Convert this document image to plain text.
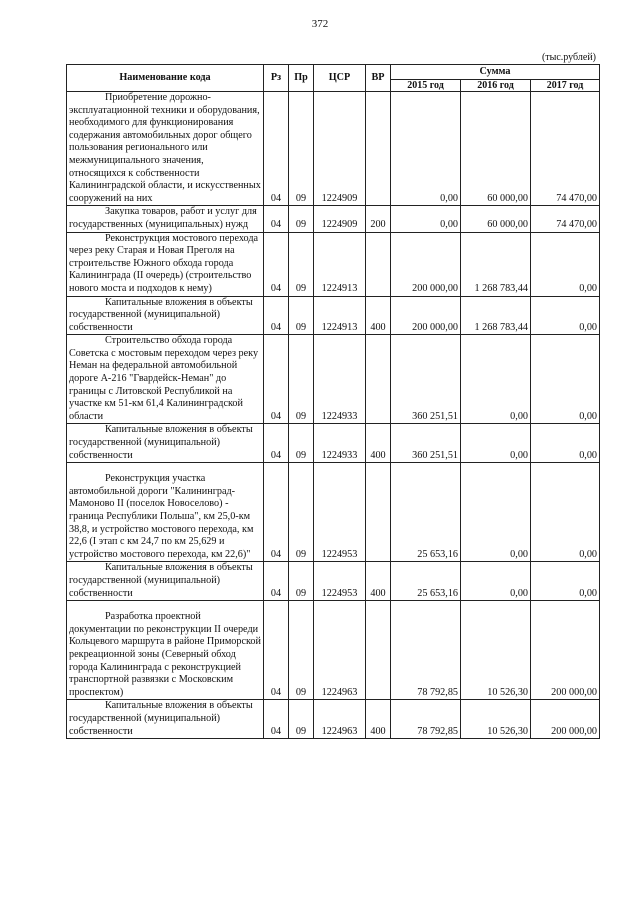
372
(тыс.рублей)
Наименование кода	Рз	Пр	ЦСР	ВР	Сумма		
					2015 год	2016 год	2017 год

Приобретение дорожно-эксплуатационной техники и оборудования, необходимого для функционирования содержания автомобильных дорог общего пользования регионального или межмуниципального значения, относящихся к собственности Калининградской области, и искусственных сооружений на них	04	09	1224909		0,00	60 000,00	74 470,00

Закупка товаров, работ и услуг для государственных (муниципальных) нужд	04	09	1224909	200	0,00	60 000,00	74 470,00

Реконструкция мостового перехода через реку Старая и Новая Преголя на строительстве Южного обхода города Калининграда (II очередь) (строительство нового моста и подходов к нему)	04	09	1224913		200 000,00	1 268 783,44	0,00

Капитальные вложения в объекты государственной (муниципальной) собственности	04	09	1224913	400	200 000,00	1 268 783,44	0,00

Строительство обхода города Советска с мостовым переходом через реку Неман на федеральной автомобильной дороге А-216 "Гвардейск-Неман" до границы с Литовской Республикой на участке км 51-км 61,4 Калининградской области	04	09	1224933		360 251,51	0,00	0,00

Капитальные вложения в объекты государственной (муниципальной) собственности	04	09	1224933	400	360 251,51	0,00	0,00

Реконструкция участка автомобильной дороги "Калининград-Мамоново II (поселок Новоселово) - граница Республики Польша", км 25,0-км 38,8, и устройство мостового перехода, км 22,6 (I этап с км 24,7 по км 25,629 и устройство мостового перехода, км 22,6)"	04	09	1224953		25 653,16	0,00	0,00

Капитальные вложения в объекты государственной (муниципальной) собственности	04	09	1224953	400	25 653,16	0,00	0,00

Разработка проектной документации по реконструкции II очереди Кольцевого маршрута в районе Приморской рекреационной зоны (Северный обход города Калининграда с реконструкцией транспортной развязки с Московским проспектом)	04	09	1224963		78 792,85	10 526,30	200 000,00

Капитальные вложения в объекты государственной (муниципальной) собственности	04	09	1224963	400	78 792,85	10 526,30	200 000,00
